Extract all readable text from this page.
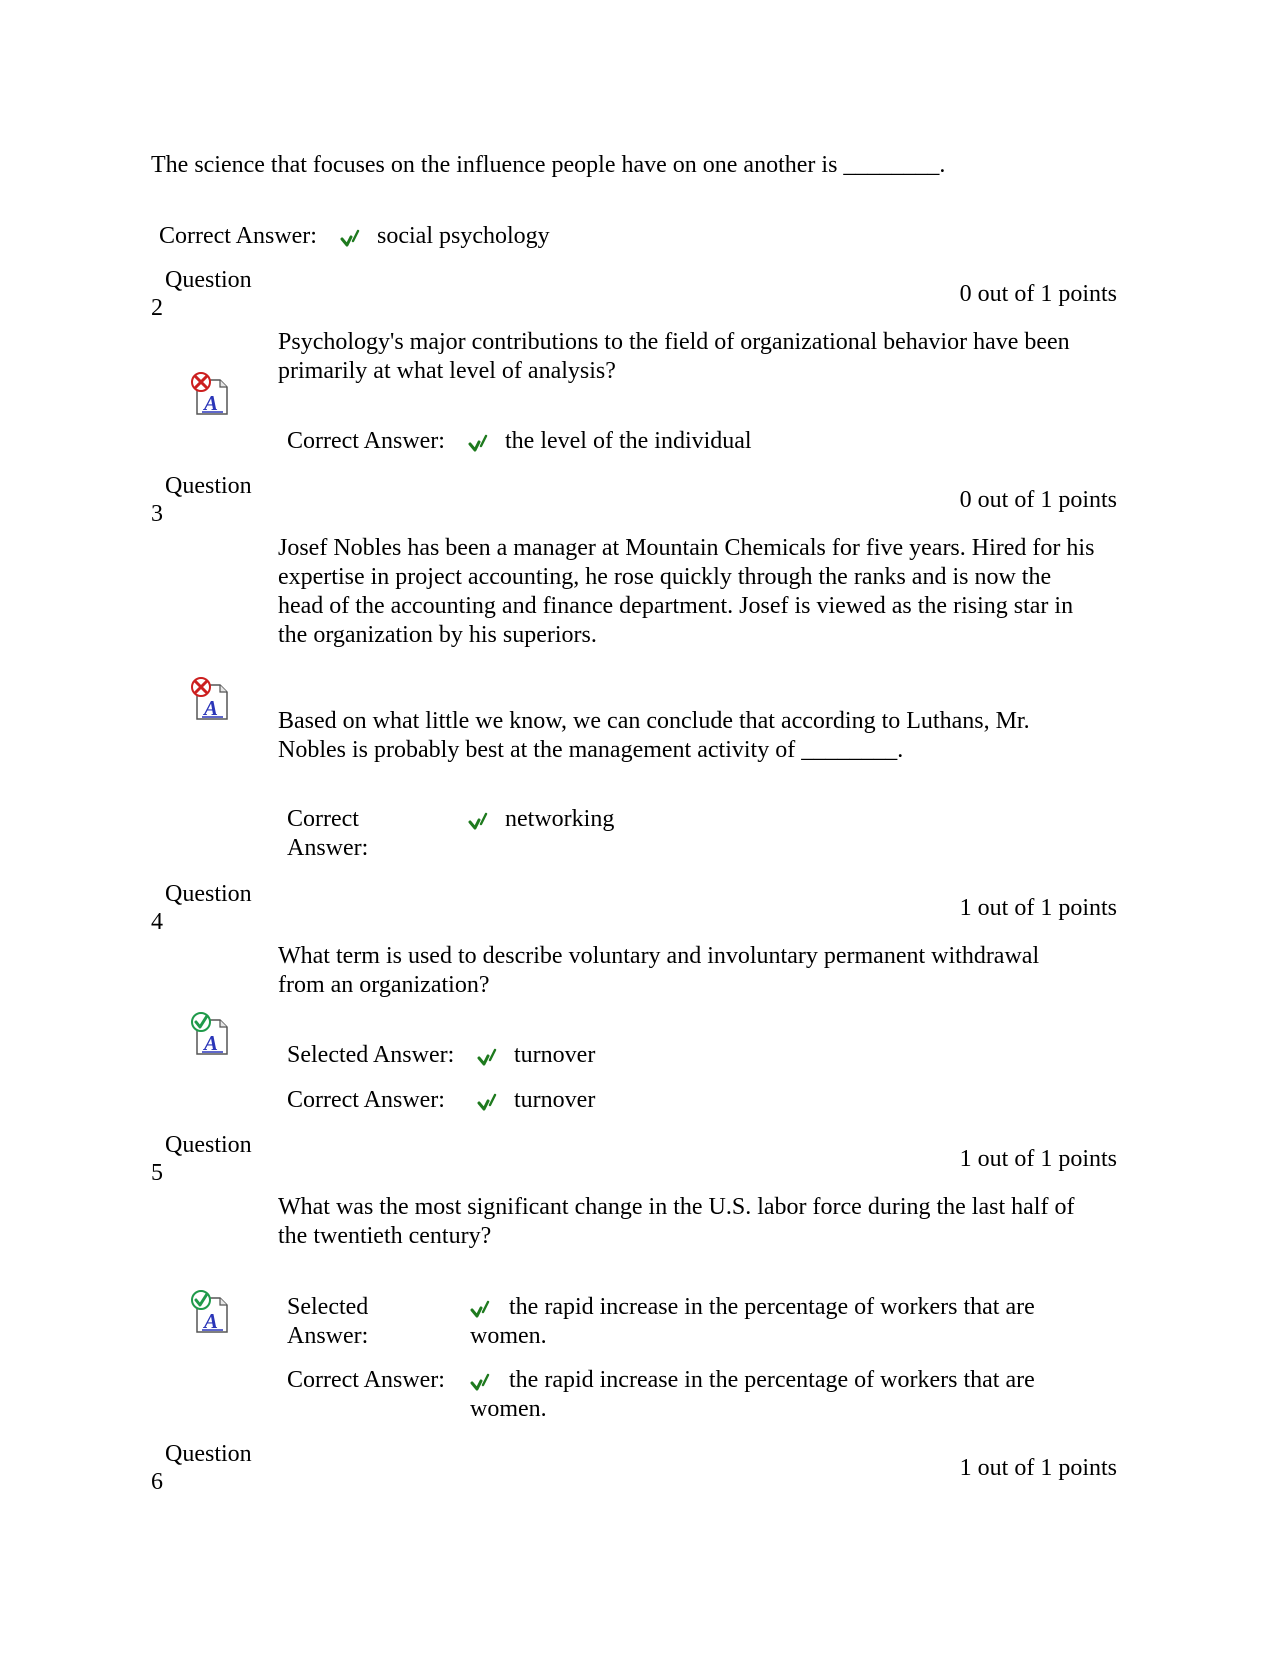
The science that focuses on the influence people have on one another is ________.
Correct Answer:	social psychology
Question
2
0 out of 1 points
Psychology's major contributions to the field of organizational behavior have been primarily at what level of analysis?
Correct Answer:	the level of the individual
Question
3
0 out of 1 points
Josef Nobles has been a manager at Mountain Chemicals for five years. Hired for his expertise in project accounting, he rose quickly through the ranks and is now the head of the accounting and finance department. Josef is viewed as the rising star in the organization by his superiors.
Based on what little we know, we can conclude that according to Luthans, Mr. Nobles is probably best at the management activity of ________.
Correct
Answer:
networking
Question
4
1 out of 1 points
What term is used to describe voluntary and involuntary permanent withdrawal from an organization?
Selected Answer: turnover
Correct Answer:	turnover
Question
5
1 out of 1 points
What was the most significant change in the U.S. labor force during the last half of the twentieth century?
Selected
Answer:
the rapid increase in the percentage of workers that are
women.
Correct Answer:	the rapid increase in the percentage of workers that are
women.
Question
6
1 out of 1 points
